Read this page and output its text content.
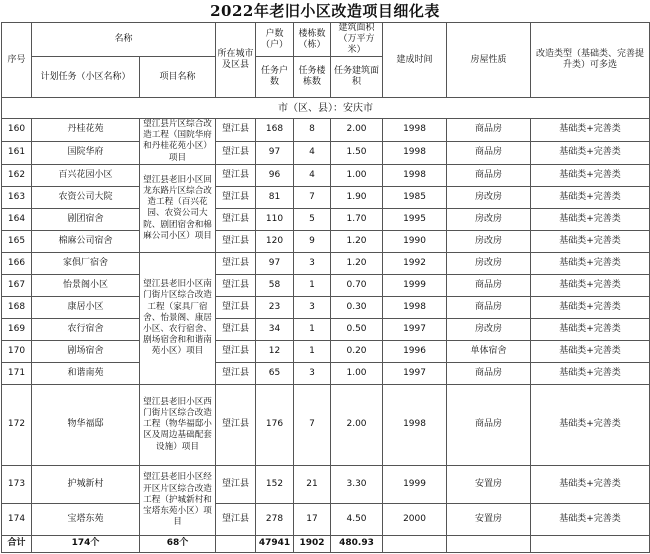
2022年老旧小区改造项目细化表
序号	名称		所在城市及区县	户数（户）	楼栋数（栋）	建筑面积（万平方米）	建成时间	房屋性质	改造类型（基础类、完善提升类）可多选
	计划任务（小区名称）	项目名称		任务户数	任务楼栋数	任务建筑面积			
市（区、县）：安庆市									
160	丹桂花苑	望江县片区综合改造工程（国院华府和丹桂花苑小区）项目	望江县	168	8	2.00	1998	商品房	基础类+完善类
161	国院华府		望江县	97	4	1.50	1998	商品房	基础类+完善类
162	百兴花园小区	望江县老旧小区回龙东路片区综合改造工程（百兴花园、农资公司大院、剧团宿舍和棉麻公司小区）项目	望江县	96	4	1.00	1998	商品房	基础类+完善类
163	农资公司大院		望江县	81	7	1.90	1985	房改房	基础类+完善类
164	剧团宿舍		望江县	110	5	1.70	1995	房改房	基础类+完善类
165	棉麻公司宿舍		望江县	120	9	1.20	1990	房改房	基础类+完善类
166	家俱厂宿舍	望江县老旧小区南门街片区综合改造工程（家具厂宿舍、怡景阁、康居小区、农行宿舍、剧场宿舍和和谐南苑小区）项目	望江县	97	3	1.20	1992	房改房	基础类+完善类
167	怡景阁小区		望江县	58	1	0.70	1999	商品房	基础类+完善类
168	康居小区		望江县	23	3	0.30	1998	商品房	基础类+完善类
169	农行宿舍		望江县	34	1	0.50	1997	房改房	基础类+完善类
170	剧场宿舍		望江县	12	1	0.20	1996	单体宿舍	基础类+完善类
171	和谐南苑		望江县	65	3	1.00	1997	商品房	基础类+完善类
172	物华福邸	望江县老旧小区西门街片区综合改造工程（物华福邸小区及周边基础配套设施）项目	望江县	176	7	2.00	1998	商品房	基础类+完善类
173	护城新村	望江县老旧小区经开区片区综合改造工程（护城新村和宝塔东苑小区）项目	望江县	152	21	3.30	1999	安置房	基础类+完善类
174	宝塔东苑		望江县	278	17	4.50	2000	安置房	基础类+完善类
合计	174个	68个		47941	1902	480.93			
